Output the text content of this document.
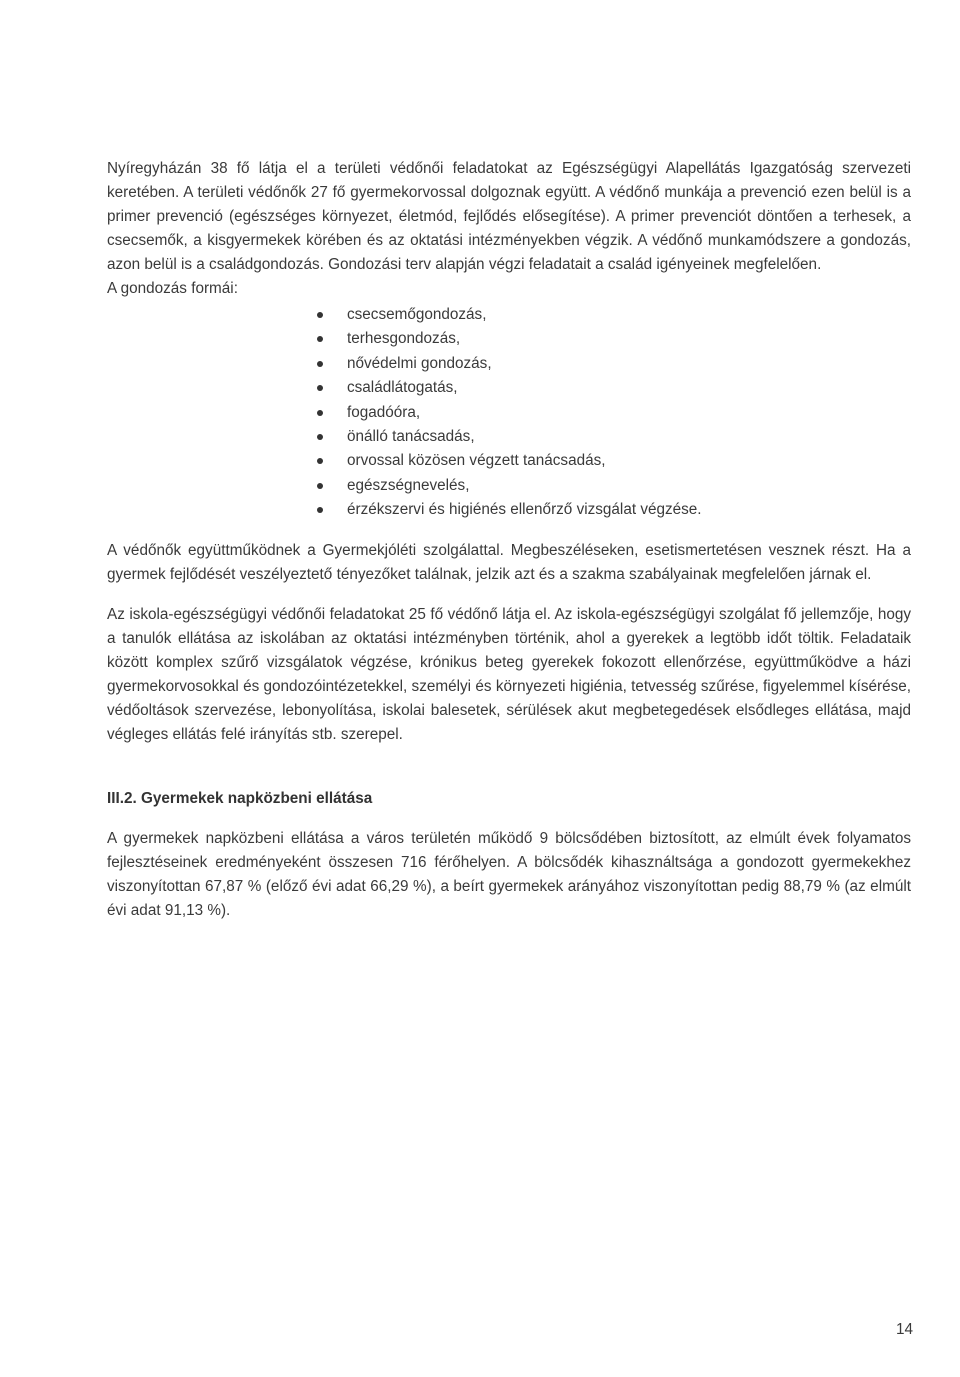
Nyíregyházán 38 fő látja el a területi védőnői feladatokat az Egészségügyi Alapellátás Igazgatóság szervezeti keretében. A területi védőnők 27 fő gyermekorvossal dolgoznak együtt. A védőnő munkája a prevenció ezen belül is a primer prevenció (egészséges környezet, életmód, fejlődés elősegítése). A primer prevenciót döntően a terhesek, a csecsemők, a kisgyermekek körében és az oktatási intézményekben végzik. A védőnő munkamódszere a gondozás, azon belül is a családgondozás. Gondozási terv alapján végzi feladatait a család igényeinek megfelelően.

A gondozás formái:

csecsemőgondozás,
terhesgondozás,
nővédelmi gondozás,
családlátogatás,
fogadóóra,
önálló tanácsadás,
orvossal közösen végzett tanácsadás,
egészségnevelés,
érzékszervi és higiénés ellenőrző vizsgálat végzése.

A védőnők együttműködnek a Gyermekjóléti szolgálattal. Megbeszéléseken, esetismertetésen vesznek részt. Ha a gyermek fejlődését veszélyeztető tényezőket találnak, jelzik azt és a szakma szabályainak megfelelően járnak el.

Az iskola-egészségügyi védőnői feladatokat 25 fő védőnő látja el. Az iskola-egészségügyi szolgálat fő jellemzője, hogy a tanulók ellátása az iskolában az oktatási intézményben történik, ahol a gyerekek a legtöbb időt töltik. Feladataik között komplex szűrő vizsgálatok végzése, krónikus beteg gyerekek fokozott ellenőrzése, együttműködve a házi gyermekorvosokkal és gondozóintézetekkel, személyi és környezeti higiénia, tetvesség szűrése, figyelemmel kísérése, védőoltások szervezése, lebonyolítása, iskolai balesetek, sérülések akut megbetegedések elsődleges ellátása, majd végleges ellátás felé irányítás stb. szerepel.

III.2. Gyermekek napközbeni ellátása

A gyermekek napközbeni ellátása a város területén működő 9 bölcsődében biztosított, az elmúlt évek folyamatos fejlesztéseinek eredményeként összesen 716 férőhelyen. A bölcsődék kihasználtsága a gondozott gyermekekhez viszonyítottan 67,87 % (előző évi adat 66,29 %), a beírt gyermekek arányához viszonyítottan pedig 88,79 % (az elmúlt évi adat 91,13 %).

14
